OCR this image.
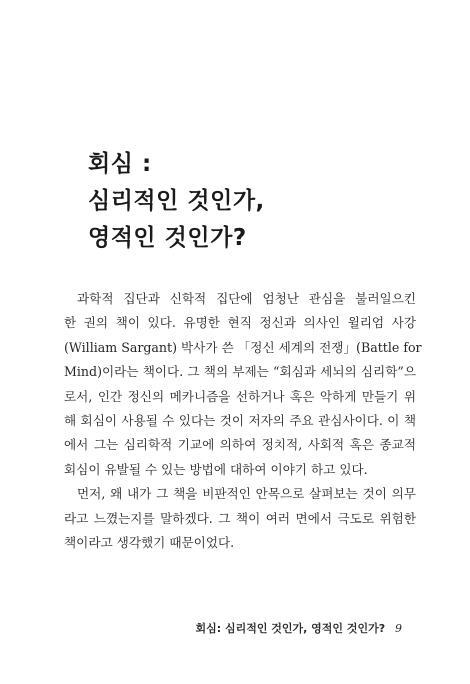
회심 :
심리적인 것인가,
영적인 것인가?

과학적 집단과 신학적 집단에 엄청난 관심을 불러일으킨
한 권의 책이 있다. 유명한 현직 정신과 의사인 윌리엄 사강
(William Sargant) 박사가 쓴 「정신 세계의 전쟁」(Battle for
Mind)이라는 책이다. 그 책의 부제는 “회심과 세뇌의 심리학”으
로서, 인간 정신의 메카니즘을 선하거나 혹은 악하게 만들기 위
해 회심이 사용될 수 있다는 것이 저자의 주요 관심사이다. 이 책
에서 그는 심리학적 기교에 의하여 정치적, 사회적 혹은 종교적
회심이 유발될 수 있는 방법에 대하여 이야기 하고 있다.

먼저, 왜 내가 그 책을 비판적인 안목으로 살펴보는 것이 의무
라고 느꼈는지를 말하겠다. 그 책이 여러 면에서 극도로 위험한
책이라고 생각했기 때문이었다.

회심: 심리적인 것인가, 영적인 것인가? 9
